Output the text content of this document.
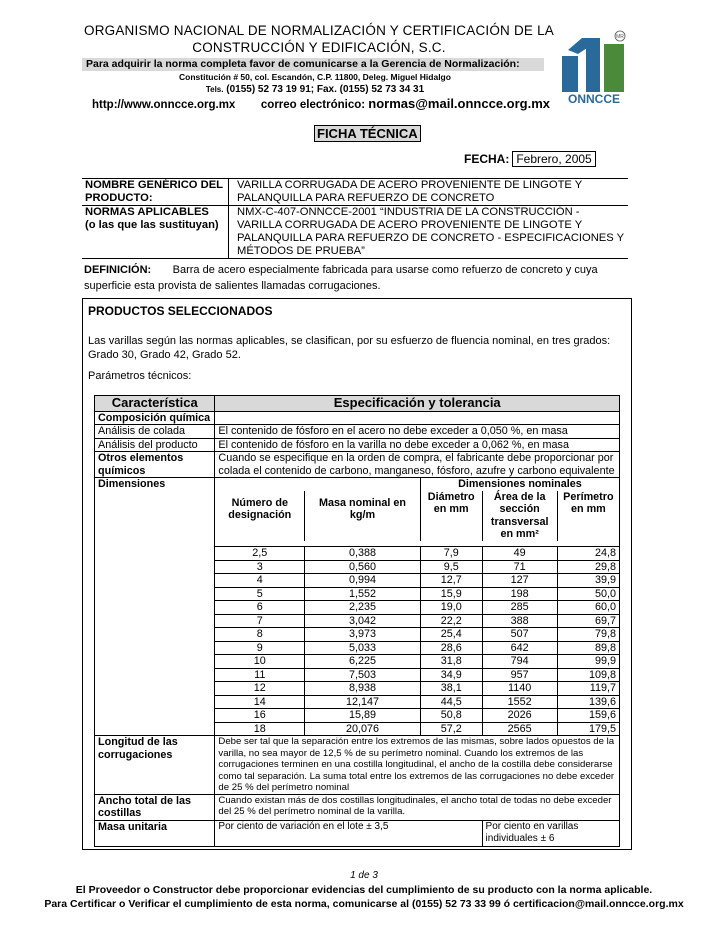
ORGANISMO NACIONAL DE NORMALIZACIÓN Y CERTIFICACIÓN DE LA
CONSTRUCCIÓN Y EDIFICACIÓN, S.C.
Para adquirir la norma completa favor de comunicarse a la Gerencia de Normalización:
Constitución # 50, col. Escandón, C.P. 11800, Deleg. Miguel Hidalgo
Tels. (0155) 52 73 19 91; Fax. (0155) 52 73 34 31
http://www.onncce.org.mx correo electrónico: normas@mail.onncce.org.mx
MR
ONNCCE
FICHA TÉCNICA
FECHA: Febrero, 2005
NOMBRE GENÉRICO DEL PRODUCTO:	VARILLA CORRUGADA DE ACERO PROVENIENTE DE LINGOTE Y PALANQUILLA PARA REFUERZO DE CONCRETO

NORMAS APLICABLES
(o las que las sustituyan)	NMX-C-407-ONNCCE-2001 “INDUSTRIA DE LA CONSTRUCCIÓN - VARILLA CORRUGADA DE ACERO PROVENIENTE DE LINGOTE Y PALANQUILLA PARA REFUERZO DE CONCRETO - ESPECIFICACIONES Y MÉTODOS DE PRUEBA”
DEFINICIÓN: Barra de acero especialmente fabricada para usarse como refuerzo de concreto y cuya superficie esta provista de salientes llamadas corrugaciones.
PRODUCTOS SELECCIONADOS
Las varillas según las normas aplicables, se clasifican, por su esfuerzo de fluencia nominal, en tres grados: Grado 30, Grado 42, Grado 52.
Parámetros técnicos:
Característica	Especificación y tolerancia				
Composición química					
Análisis de colada	El contenido de fósforo en el acero no debe exceder a 0,050 %, en masa				
Análisis del producto	El contenido de fósforo en la varilla no debe exceder a 0,062 %, en masa				
Otros elementos químicos	Cuando se especifique en la orden de compra, el fabricante debe proporcionar por colada el contenido de carbono, manganeso, fósforo, azufre y carbono equivalente				
Dimensiones			Dimensiones nominales		
	Número de designación	Masa nominal en kg/m	Diámetro en mm	Área de la sección transversal en mm²	Perímetro en mm

	2,5	0,388	7,9	49	24,8
	3	0,560	9,5	71	29,8
	4	0,994	12,7	127	39,9
	5	1,552	15,9	198	50,0
	6	2,235	19,0	285	60,0
	7	3,042	22,2	388	69,7
	8	3,973	25,4	507	79,8
	9	5,033	28,6	642	89,8
	10	6,225	31,8	794	99,9
	11	7,503	34,9	957	109,8
	12	8,938	38,1	1140	119,7
	14	12,147	44,5	1552	139,6
	16	15,89	50,8	2026	159,6
	18	20,076	57,2	2565	179,5
Longitud de las corrugaciones	Debe ser tal que la separación entre los extremos de las mismas, sobre lados opuestos de la varilla, no sea mayor de 12,5 % de su perímetro nominal. Cuando los extremos de las corrugaciones terminen en una costilla longitudinal, el ancho de la costilla debe considerarse como tal separación. La suma total entre los extremos de las corrugaciones no debe exceder de 25 % del perímetro nominal				
Ancho total de las costillas	Cuando existan más de dos costillas longitudinales, el ancho total de todas no debe exceder del 25 % del perímetro nominal de la varilla.				
Masa unitaria	Por ciento de variación en el lote ± 3,5			Por ciento en varillas individuales ± 6	
1 de 3
El Proveedor o Constructor debe proporcionar evidencias del cumplimiento de su producto con la norma aplicable.
Para Certificar o Verificar el cumplimiento de esta norma, comunicarse al (0155) 52 73 33 99 ó certificacion@mail.onncce.org.mx
